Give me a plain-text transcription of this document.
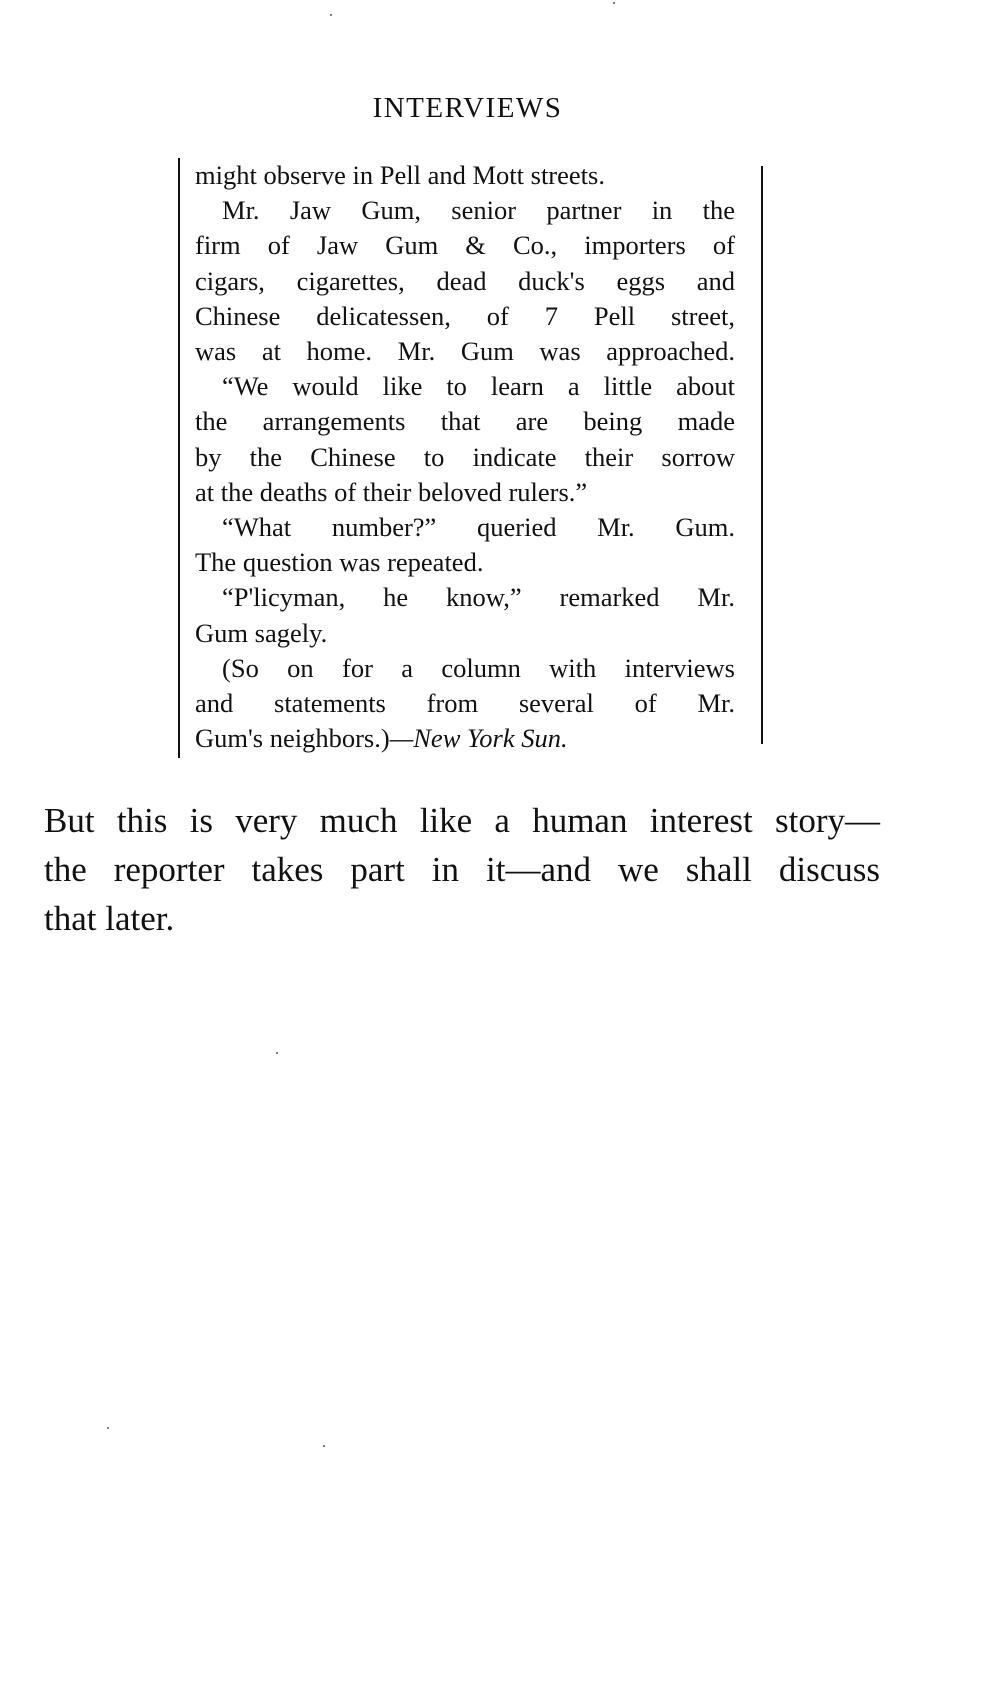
INTERVIEWS
might observe in Pell and Mott streets.
Mr. Jaw Gum, senior partner in the
firm of Jaw Gum & Co., importers of
cigars, cigarettes, dead duck's eggs and
Chinese delicatessen, of 7 Pell street,
was at home. Mr. Gum was approached.
“We would like to learn a little about
the arrangements that are being made
by the Chinese to indicate their sorrow
at the deaths of their beloved rulers.”
“What number?” queried Mr. Gum.
The question was repeated.
“P'licyman, he know,” remarked Mr.
Gum sagely.
(So on for a column with interviews
and statements from several of Mr.
Gum's neighbors.)—New York Sun.
But this is very much like a human interest story—
the reporter takes part in it—and we shall discuss
that later.
